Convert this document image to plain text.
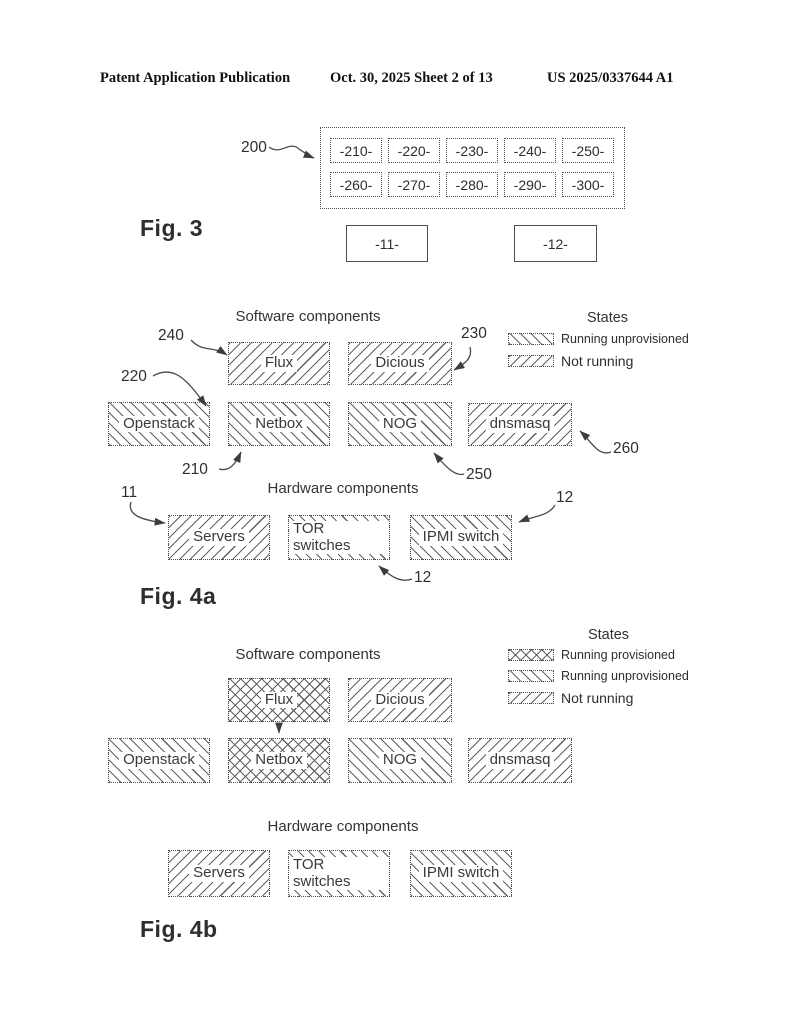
Patent Application Publication	Oct. 30, 2025 Sheet 2 of 13	US 2025/0337644 A1
-210-	-220-	-230-	-240-	-250-
-260-	-270-	-280-	-290-	-300-
200
-11-	-12-
Fig. 3
Software components	States
Running unprovisioned
Not running
Flux	Dicious
Openstack	Netbox	NOG	dnsmasq
240	230
220
210	250
260
Hardware components
Servers	TOR switches	IPMI switch
11	12
12
Fig. 4a
Software components
States
Running provisioned
Running unprovisioned
Not running
Flux	Dicious
Openstack	Netbox	NOG	dnsmasq
Hardware components
Servers	TOR switches	IPMI switch
Fig. 4b
